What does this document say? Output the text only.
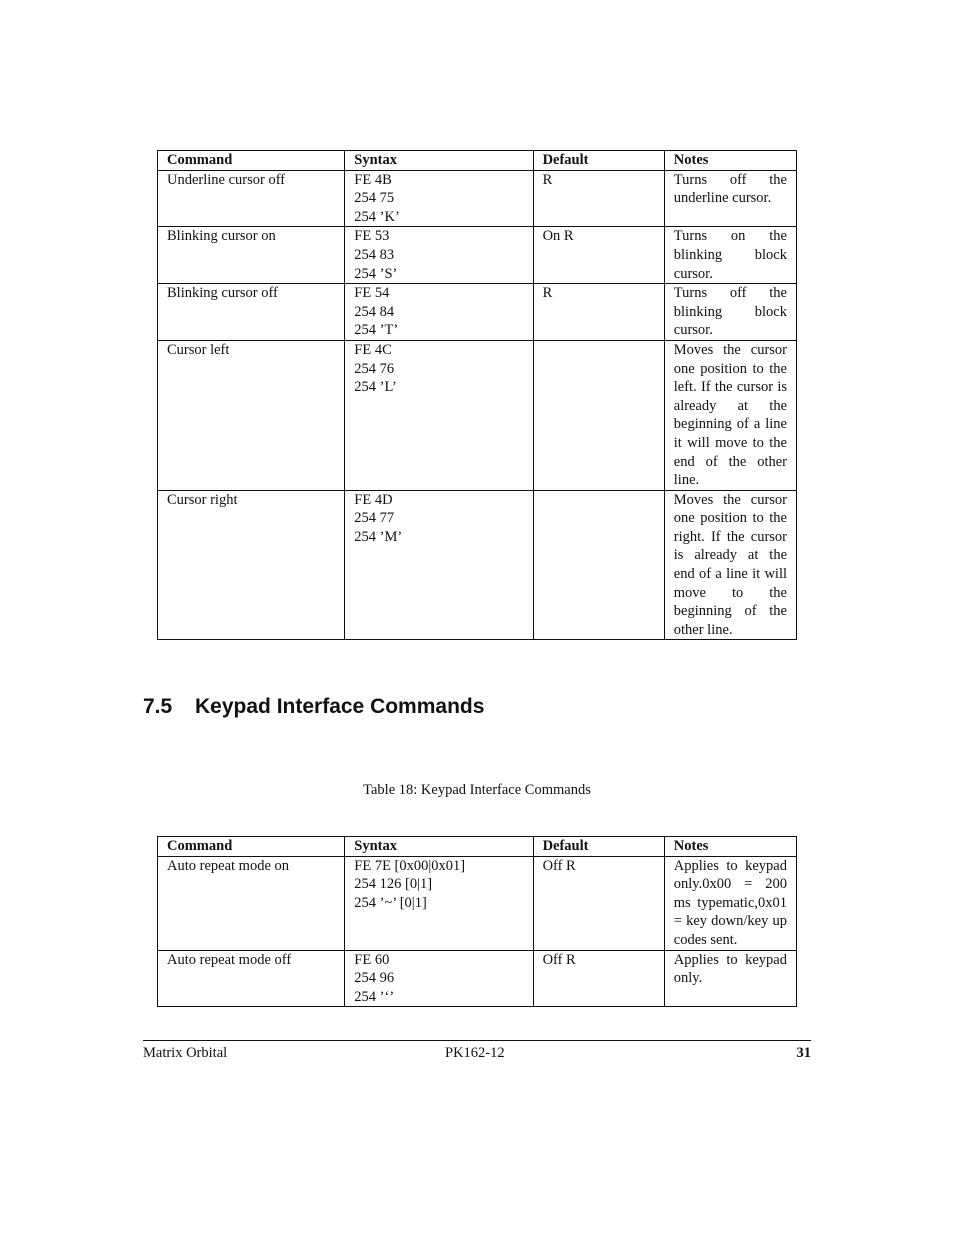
Command	Syntax	Default	Notes
Underline cursor off	FE 4B
254 75
254 ’K’	R	Turns off the underline cursor.
Blinking cursor on	FE 53
254 83
254 ’S’	On R	Turns on the blinking block cursor.
Blinking cursor off	FE 54
254 84
254 ’T’	R	Turns off the blinking block cursor.
Cursor left	FE 4C
254 76
254 ’L’		Moves the cursor one position to the left. If the cursor is already at the beginning of a line it will move to the end of the other line.
Cursor right	FE 4D
254 77
254 ’M’		Moves the cursor one position to the right. If the cursor is already at the end of a line it will move to the beginning of the other line.
7.5 Keypad Interface Commands
Table 18: Keypad Interface Commands
Command	Syntax	Default	Notes
Auto repeat mode on	FE 7E [0x00|0x01]
254 126 [0|1]
254 ’~’ [0|1]	Off R	Applies to keypad only.0x00 = 200 ms typematic,0x01 = key down/key up codes sent.
Auto repeat mode off	FE 60
254 96
254 ’‘’	Off R	Applies to keypad only.
Matrix Orbital	PK162-12	31
